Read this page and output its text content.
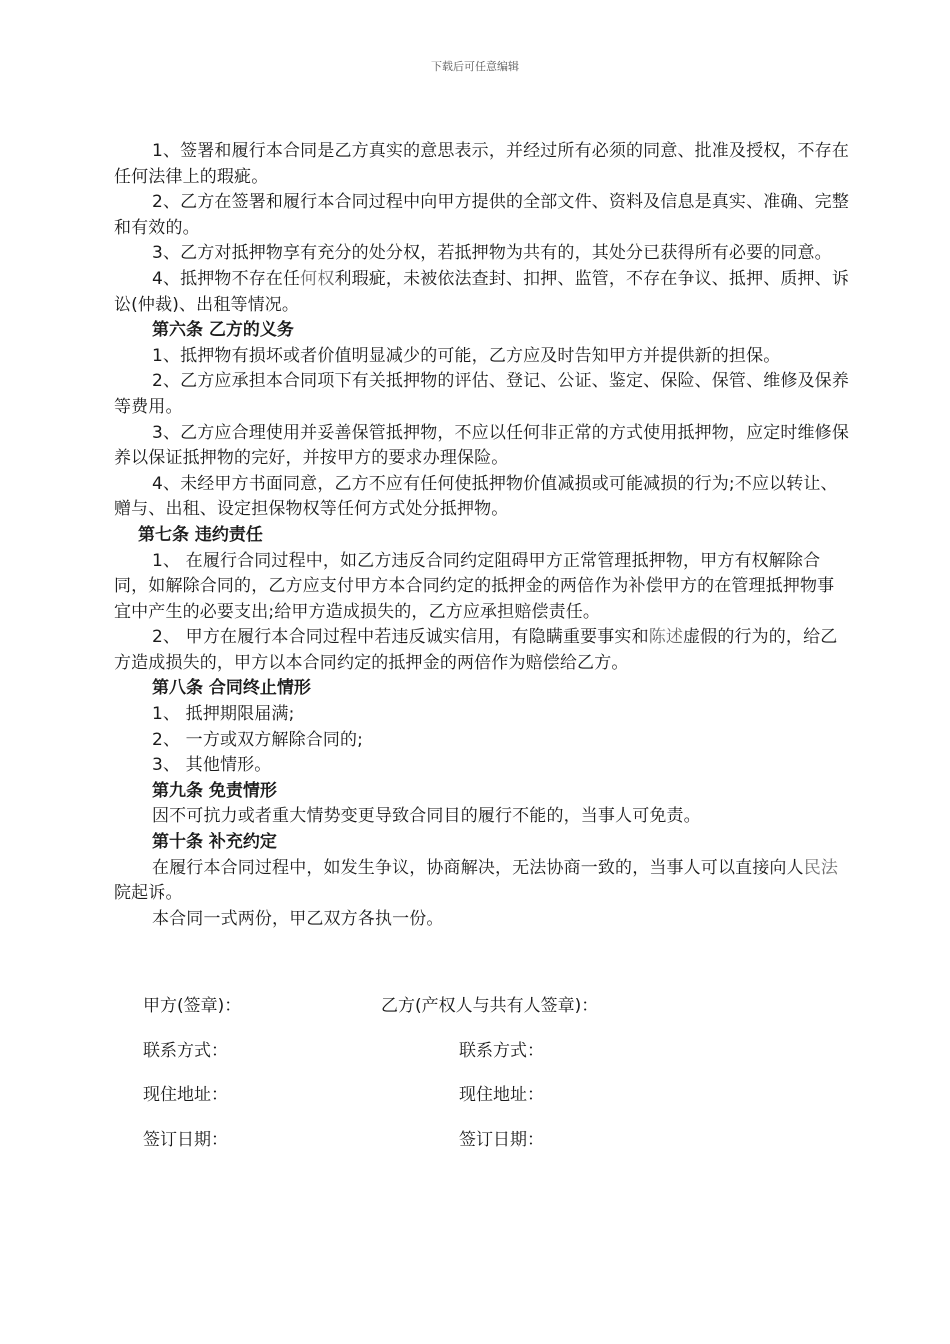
下载后可任意编辑

1、签署和履行本合同是乙方真实的意思表示，并经过所有必须的同意、批准及授权，不存在任何法律上的瑕疵。

2、乙方在签署和履行本合同过程中向甲方提供的全部文件、资料及信息是真实、准确、完整和有效的。

3、乙方对抵押物享有充分的处分权，若抵押物为共有的，其处分已获得所有必要的同意。

4、抵押物不存在任何权利瑕疵，未被依法查封、扣押、监管，不存在争议、抵押、质押、诉讼(仲裁)、出租等情况。

第六条 乙方的义务

1、抵押物有损坏或者价值明显减少的可能，乙方应及时告知甲方并提供新的担保。

2、乙方应承担本合同项下有关抵押物的评估、登记、公证、鉴定、保险、保管、维修及保养等费用。

3、乙方应合理使用并妥善保管抵押物，不应以任何非正常的方式使用抵押物，应定时维修保养以保证抵押物的完好，并按甲方的要求办理保险。

4、未经甲方书面同意，乙方不应有任何使抵押物价值减损或可能减损的行为;不应以转让、赠与、出租、设定担保物权等任何方式处分抵押物。

第七条 违约责任

1、 在履行合同过程中，如乙方违反合同约定阻碍甲方正常管理抵押物，甲方有权解除合同，如解除合同的，乙方应支付甲方本合同约定的抵押金的两倍作为补偿甲方的在管理抵押物事宜中产生的必要支出;给甲方造成损失的，乙方应承担赔偿责任。

2、 甲方在履行本合同过程中若违反诚实信用，有隐瞒重要事实和陈述虚假的行为的，给乙方造成损失的，甲方以本合同约定的抵押金的两倍作为赔偿给乙方。

第八条 合同终止情形

1、 抵押期限届满;

2、 一方或双方解除合同的;

3、 其他情形。

第九条 免责情形

因不可抗力或者重大情势变更导致合同目的履行不能的，当事人可免责。

第十条 补充约定

在履行本合同过程中，如发生争议，协商解决，无法协商一致的，当事人可以直接向人民法院起诉。

本合同一式两份，甲乙双方各执一份。

甲方(签章)：	乙方(产权人与共有人签章)：
联系方式：	联系方式：
现住地址：	现住地址：
签订日期：	签订日期：
